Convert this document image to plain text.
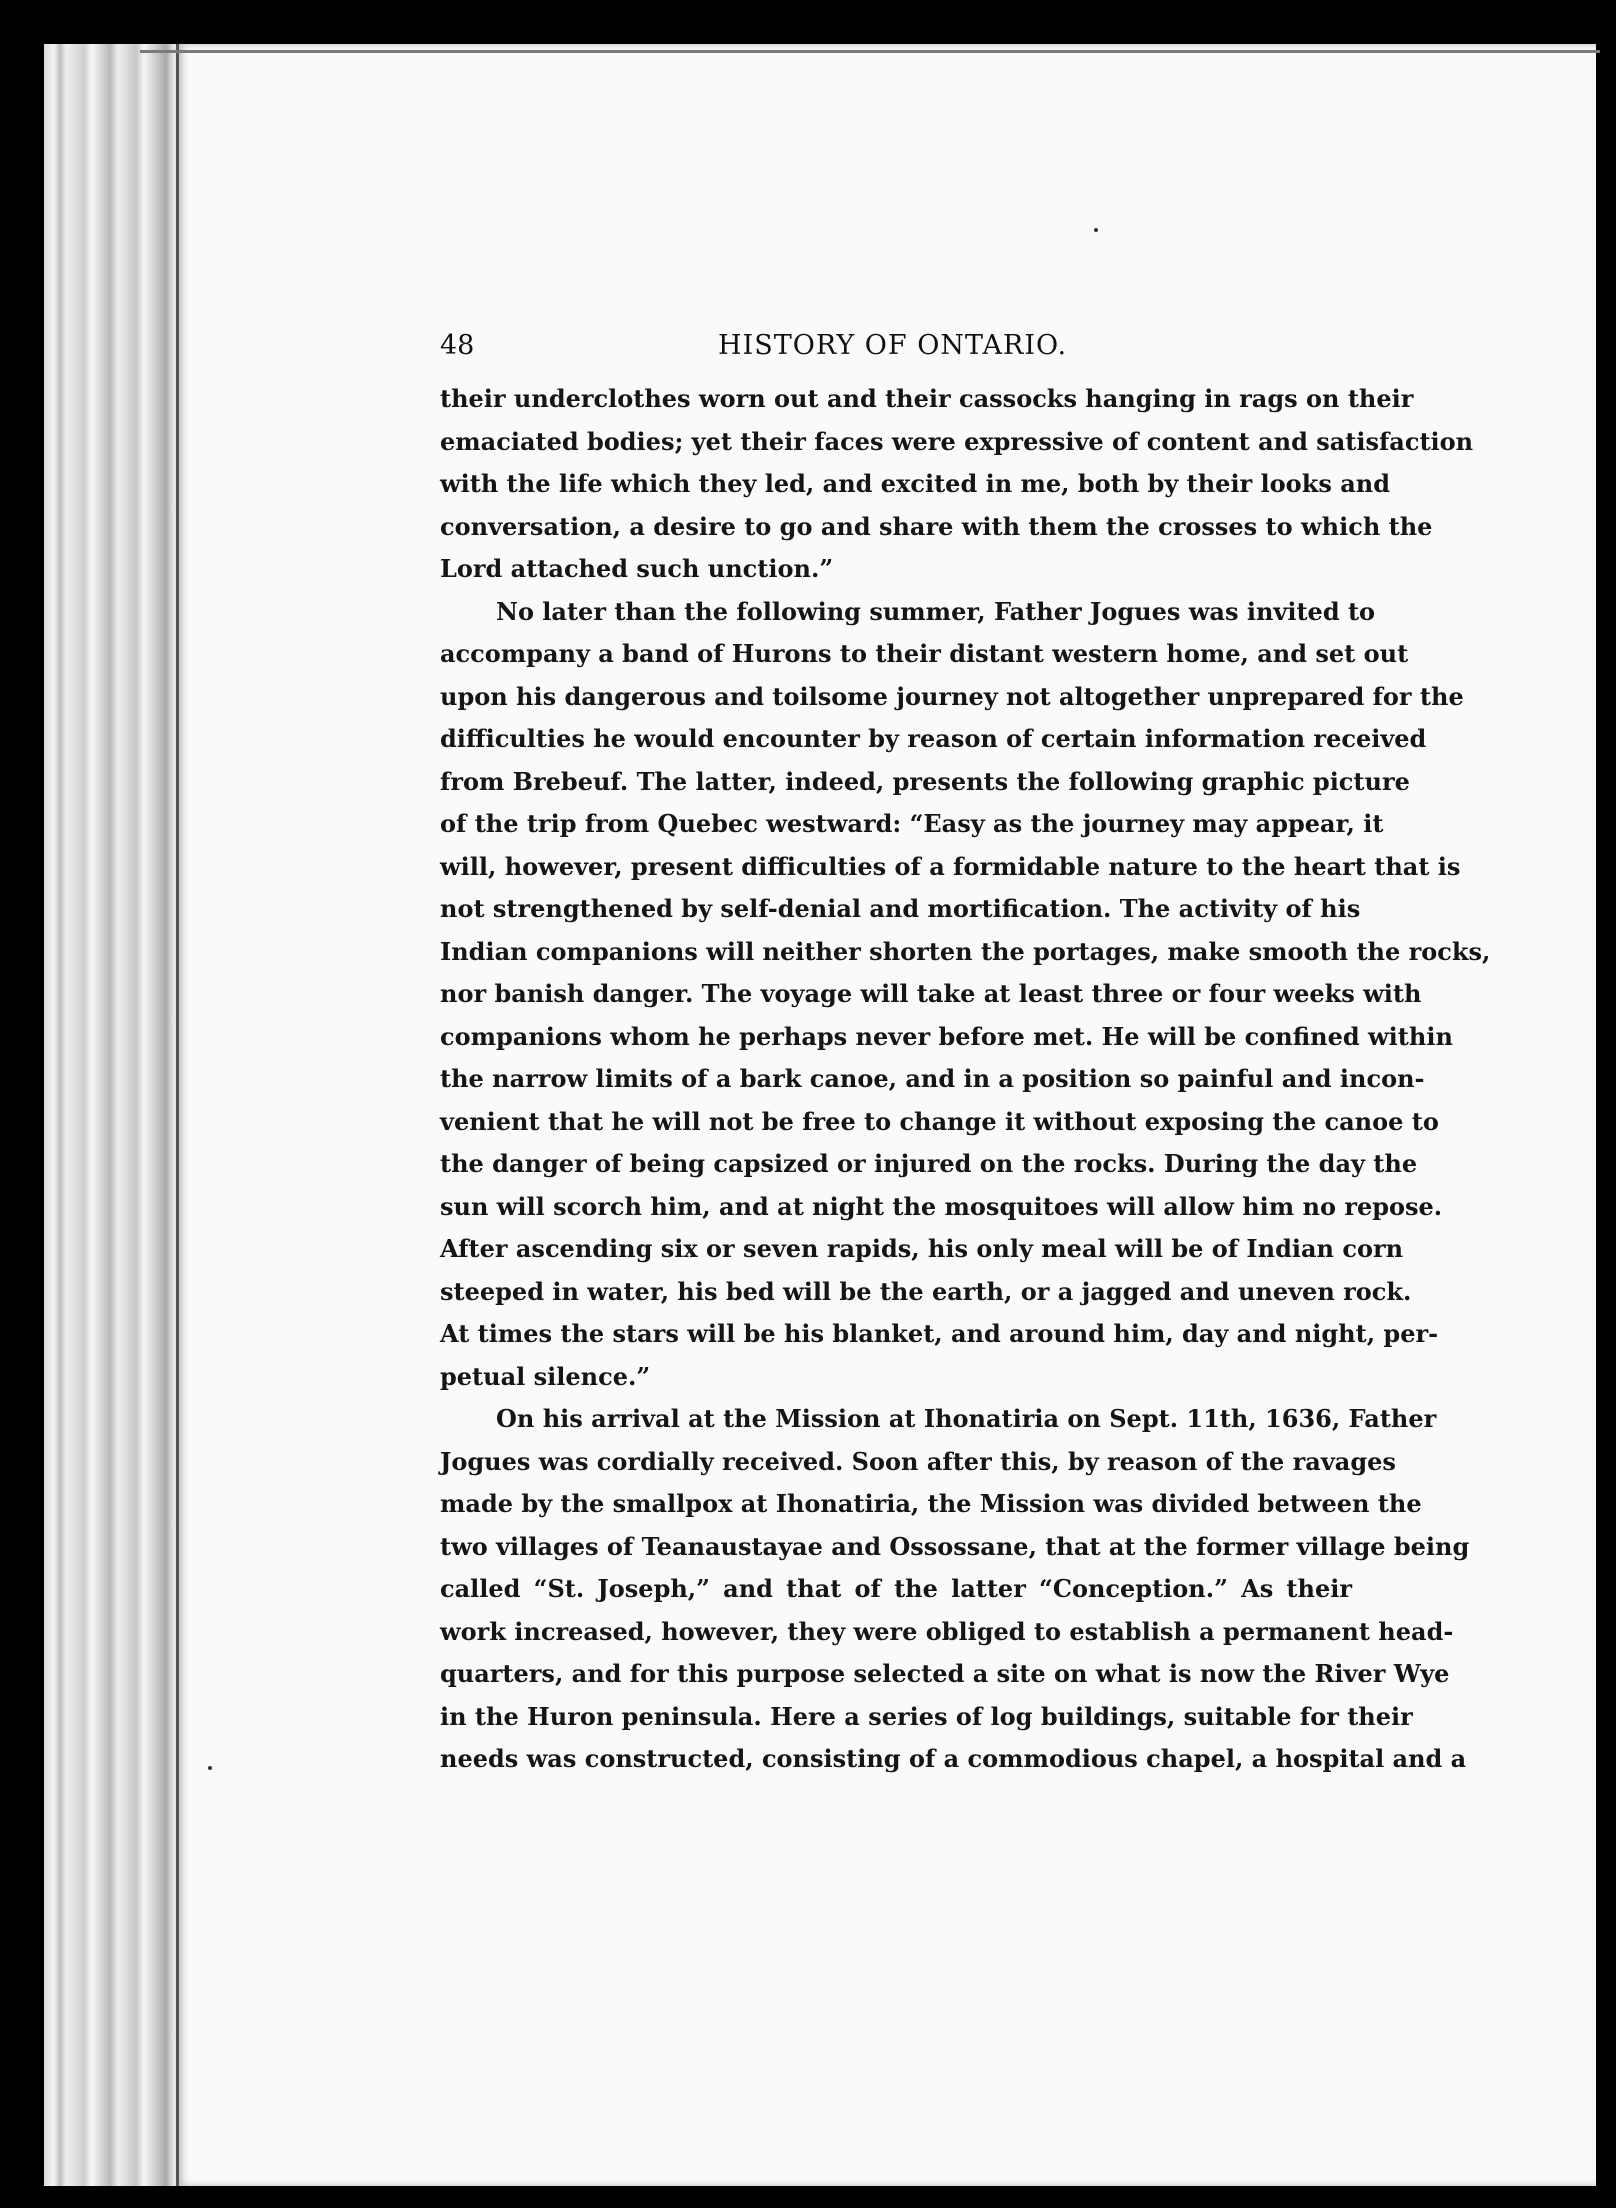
48	HISTORY OF ONTARIO.
their underclothes worn out and their cassocks hanging in rags on their
emaciated bodies; yet their faces were expressive of content and satisfaction
with the life which they led, and excited in me, both by their looks and
conversation, a desire to go and share with them the crosses to which the
Lord attached such unction.”
No later than the following summer, Father Jogues was invited to
accompany a band of Hurons to their distant western home, and set out
upon his dangerous and toilsome journey not altogether unprepared for the
difficulties he would encounter by reason of certain information received
from Brebeuf. The latter, indeed, presents the following graphic picture
of the trip from Quebec westward: “Easy as the journey may appear, it
will, however, present difficulties of a formidable nature to the heart that is
not strengthened by self-denial and mortification. The activity of his
Indian companions will neither shorten the portages, make smooth the rocks,
nor banish danger. The voyage will take at least three or four weeks with
companions whom he perhaps never before met. He will be confined within
the narrow limits of a bark canoe, and in a position so painful and incon-
venient that he will not be free to change it without exposing the canoe to
the danger of being capsized or injured on the rocks. During the day the
sun will scorch him, and at night the mosquitoes will allow him no repose.
After ascending six or seven rapids, his only meal will be of Indian corn
steeped in water, his bed will be the earth, or a jagged and uneven rock.
At times the stars will be his blanket, and around him, day and night, per-
petual silence.”
On his arrival at the Mission at Ihonatiria on Sept. 11th, 1636, Father
Jogues was cordially received. Soon after this, by reason of the ravages
made by the smallpox at Ihonatiria, the Mission was divided between the
two villages of Teanaustayae and Ossossane, that at the former village being
called “St. Joseph,” and that of the latter “Conception.” As their
work increased, however, they were obliged to establish a permanent head-
quarters, and for this purpose selected a site on what is now the River Wye
in the Huron peninsula. Here a series of log buildings, suitable for their
needs was constructed, consisting of a commodious chapel, a hospital and a
